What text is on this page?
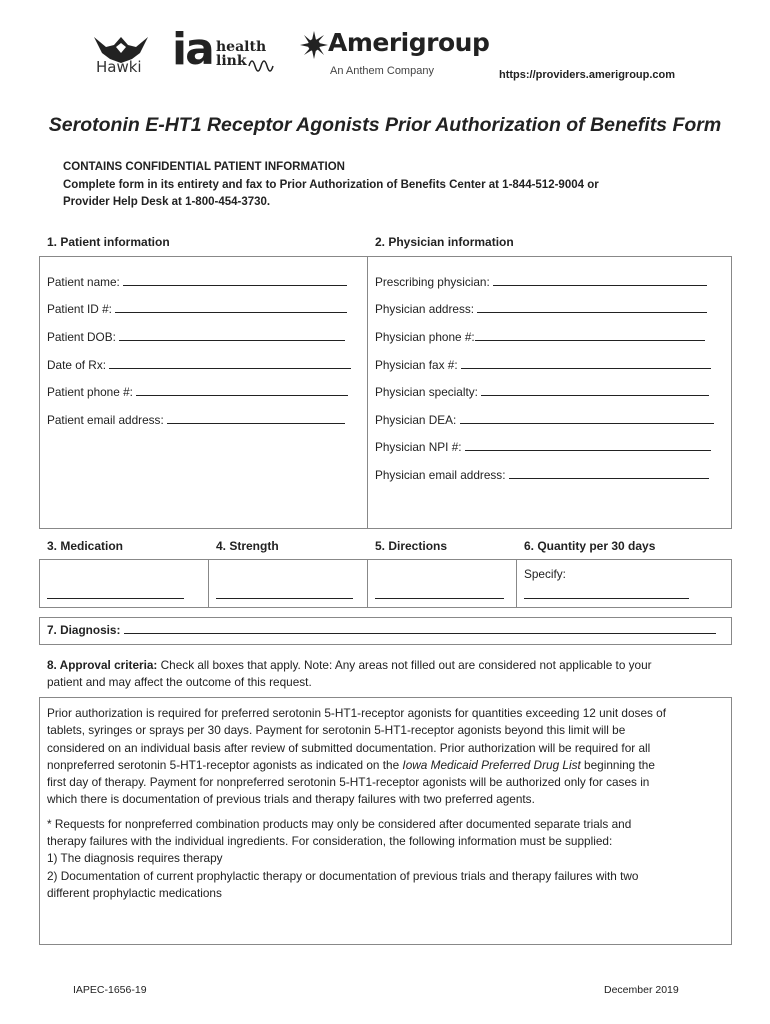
Hawki ia health
link
Amerigroup
An Anthem Company	https://providers.amerigroup.com
Serotonin E-HT1 Receptor Agonists Prior Authorization of Benefits Form
CONTAINS CONFIDENTIAL PATIENT INFORMATION
Complete form in its entirety and fax to Prior Authorization of Benefits Center at 1-844-512-9004 or
Provider Help Desk at 1-800-454-3730.
1. Patient information	2. Physician information
Patient name:
Patient ID #:
Patient DOB:
Date of Rx:
Patient phone #:
Patient email address:
Prescribing physician:
Physician address:
Physician phone #:
Physician fax #:
Physician specialty:
Physician DEA:
Physician NPI #:
Physician email address:
3. Medication	4. Strength	5. Directions	6. Quantity per 30 days
Specify:
7. Diagnosis:
8. Approval criteria: Check all boxes that apply. Note: Any areas not filled out are considered not applicable to your
patient and may affect the outcome of this request.
Prior authorization is required for preferred serotonin 5-HT1-receptor agonists for quantities exceeding 12 unit doses of
tablets, syringes or sprays per 30 days. Payment for serotonin 5-HT1-receptor agonists beyond this limit will be
considered on an individual basis after review of submitted documentation. Prior authorization will be required for all
nonpreferred serotonin 5-HT1-receptor agonists as indicated on the Iowa Medicaid Preferred Drug List beginning the
first day of therapy. Payment for nonpreferred serotonin 5-HT1-receptor agonists will be authorized only for cases in
which there is documentation of previous trials and therapy failures with two preferred agents.
* Requests for nonpreferred combination products may only be considered after documented separate trials and
therapy failures with the individual ingredients. For consideration, the following information must be supplied:
1) The diagnosis requires therapy
2) Documentation of current prophylactic therapy or documentation of previous trials and therapy failures with two
different prophylactic medications
IAPEC-1656-19	December 2019
